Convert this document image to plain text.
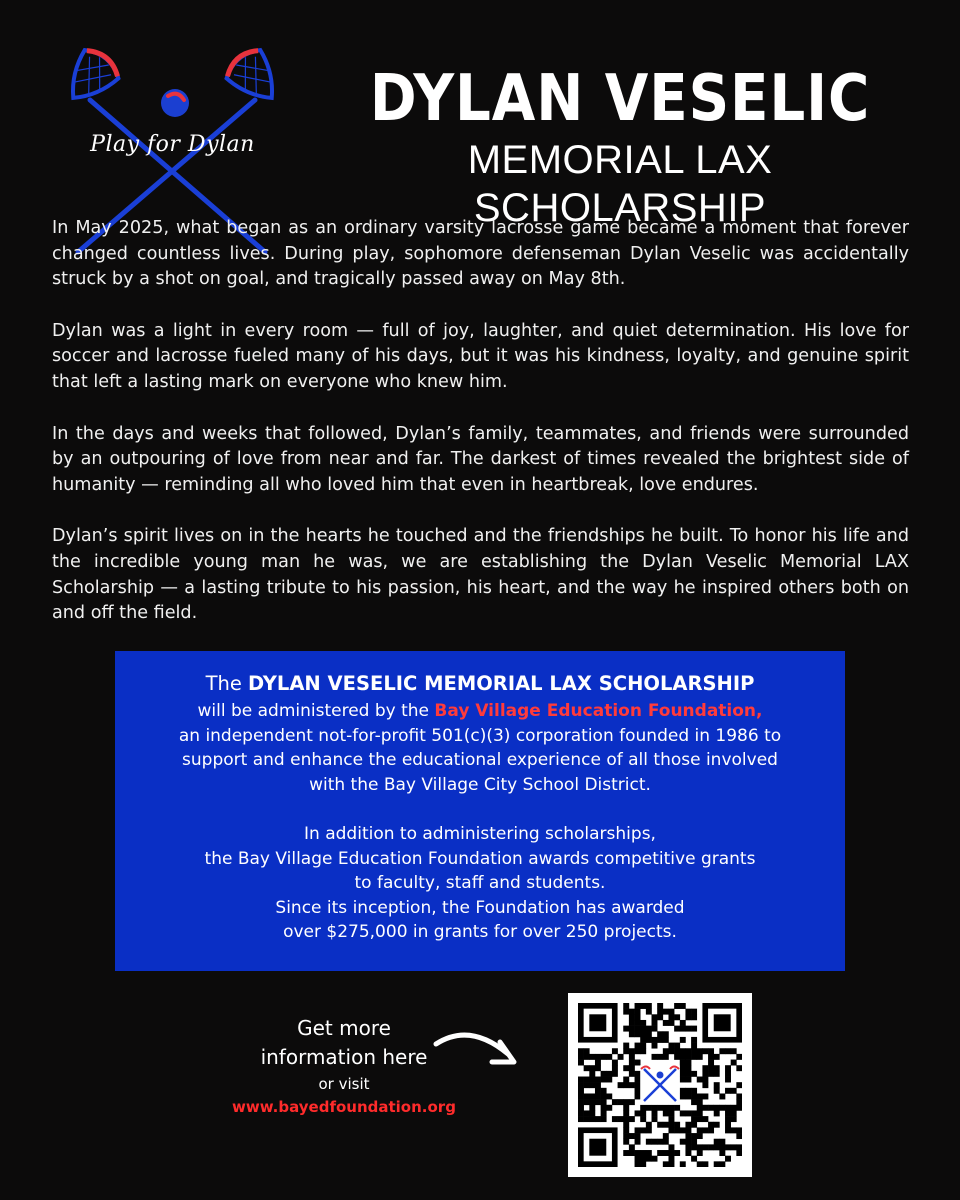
Play for Dylan
DYLAN VESELIC
MEMORIAL LAX SCHOLARSHIP

In May 2025, what began as an ordinary varsity lacrosse game became a moment that forever changed countless lives. During play, sophomore defenseman Dylan Veselic was accidentally struck by a shot on goal, and tragically passed away on May 8th.

Dylan was a light in every room — full of joy, laughter, and quiet determination. His love for soccer and lacrosse fueled many of his days, but it was his kindness, loyalty, and genuine spirit that left a lasting mark on everyone who knew him.

In the days and weeks that followed, Dylan’s family, teammates, and friends were surrounded by an outpouring of love from near and far. The darkest of times revealed the brightest side of humanity — reminding all who loved him that even in heartbreak, love endures.

Dylan’s spirit lives on in the hearts he touched and the friendships he built. To honor his life and the incredible young man he was, we are establishing the Dylan Veselic Memorial LAX Scholarship — a lasting tribute to his passion, his heart, and the way he inspired others both on and off the field.

The DYLAN VESELIC MEMORIAL LAX SCHOLARSHIP
will be administered by the Bay Village Education Foundation,
an independent not-for-profit 501(c)(3) corporation founded in 1986 to
support and enhance the educational experience of all those involved
with the Bay Village City School District.
In addition to administering scholarships,
the Bay Village Education Foundation awards competitive grants
to faculty, staff and students.
Since its inception, the Foundation has awarded
over $275,000 in grants for over 250 projects.
Get more
information here
or visit
www.bayedfoundation.org
